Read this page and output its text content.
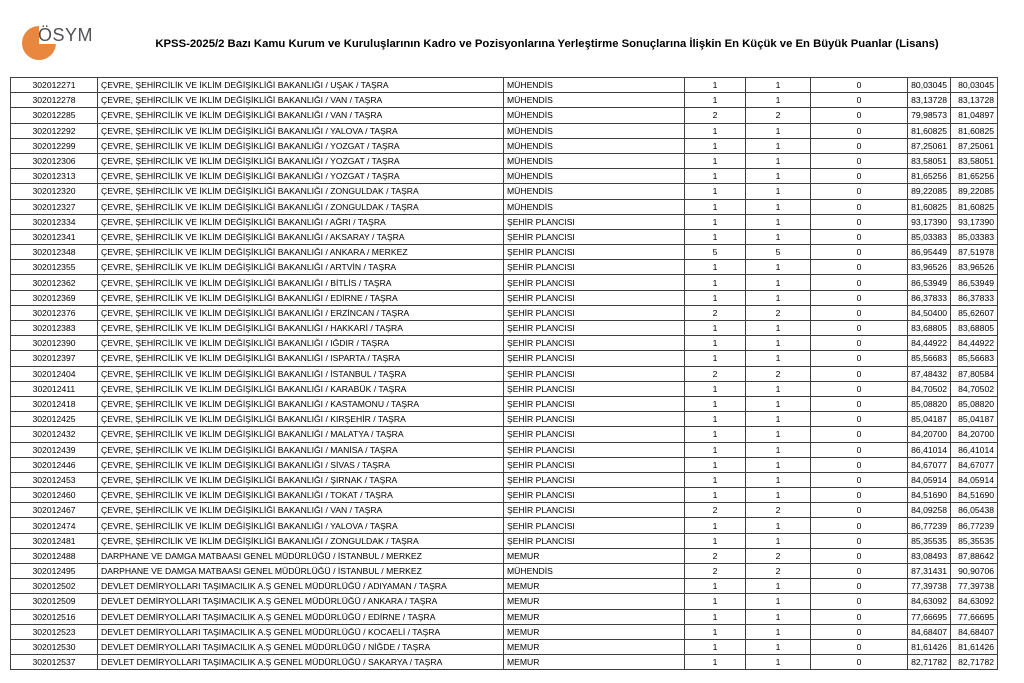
ÖSYM	KPSS-2025/2 Bazı Kamu Kurum ve Kuruluşlarının Kadro ve Pozisyonlarına Yerleştirme Sonuçlarına İlişkin En Küçük ve En Büyük Puanlar (Lisans)
302012271	ÇEVRE, ŞEHİRCİLİK VE İKLİM DEĞİŞİKLİĞİ BAKANLIĞI / UŞAK / TAŞRA	MÜHENDİS	1	1	0	80,03045	80,03045
302012278	ÇEVRE, ŞEHİRCİLİK VE İKLİM DEĞİŞİKLİĞİ BAKANLIĞI / VAN / TAŞRA	MÜHENDİS	1	1	0	83,13728	83,13728
302012285	ÇEVRE, ŞEHİRCİLİK VE İKLİM DEĞİŞİKLİĞİ BAKANLIĞI / VAN / TAŞRA	MÜHENDİS	2	2	0	79,98573	81,04897
302012292	ÇEVRE, ŞEHİRCİLİK VE İKLİM DEĞİŞİKLİĞİ BAKANLIĞI / YALOVA / TAŞRA	MÜHENDİS	1	1	0	81,60825	81,60825
302012299	ÇEVRE, ŞEHİRCİLİK VE İKLİM DEĞİŞİKLİĞİ BAKANLIĞI / YOZGAT / TAŞRA	MÜHENDİS	1	1	0	87,25061	87,25061
302012306	ÇEVRE, ŞEHİRCİLİK VE İKLİM DEĞİŞİKLİĞİ BAKANLIĞI / YOZGAT / TAŞRA	MÜHENDİS	1	1	0	83,58051	83,58051
302012313	ÇEVRE, ŞEHİRCİLİK VE İKLİM DEĞİŞİKLİĞİ BAKANLIĞI / YOZGAT / TAŞRA	MÜHENDİS	1	1	0	81,65256	81,65256
302012320	ÇEVRE, ŞEHİRCİLİK VE İKLİM DEĞİŞİKLİĞİ BAKANLIĞI / ZONGULDAK / TAŞRA	MÜHENDİS	1	1	0	89,22085	89,22085
302012327	ÇEVRE, ŞEHİRCİLİK VE İKLİM DEĞİŞİKLİĞİ BAKANLIĞI / ZONGULDAK / TAŞRA	MÜHENDİS	1	1	0	81,60825	81,60825
302012334	ÇEVRE, ŞEHİRCİLİK VE İKLİM DEĞİŞİKLİĞİ BAKANLIĞI / AĞRI / TAŞRA	ŞEHİR PLANCISI	1	1	0	93,17390	93,17390
302012341	ÇEVRE, ŞEHİRCİLİK VE İKLİM DEĞİŞİKLİĞİ BAKANLIĞI / AKSARAY / TAŞRA	ŞEHİR PLANCISI	1	1	0	85,03383	85,03383
302012348	ÇEVRE, ŞEHİRCİLİK VE İKLİM DEĞİŞİKLİĞİ BAKANLIĞI / ANKARA / MERKEZ	ŞEHİR PLANCISI	5	5	0	86,95449	87,51978
302012355	ÇEVRE, ŞEHİRCİLİK VE İKLİM DEĞİŞİKLİĞİ BAKANLIĞI / ARTVİN / TAŞRA	ŞEHİR PLANCISI	1	1	0	83,96526	83,96526
302012362	ÇEVRE, ŞEHİRCİLİK VE İKLİM DEĞİŞİKLİĞİ BAKANLIĞI / BİTLİS / TAŞRA	ŞEHİR PLANCISI	1	1	0	86,53949	86,53949
302012369	ÇEVRE, ŞEHİRCİLİK VE İKLİM DEĞİŞİKLİĞİ BAKANLIĞI / EDİRNE / TAŞRA	ŞEHİR PLANCISI	1	1	0	86,37833	86,37833
302012376	ÇEVRE, ŞEHİRCİLİK VE İKLİM DEĞİŞİKLİĞİ BAKANLIĞI / ERZİNCAN / TAŞRA	ŞEHİR PLANCISI	2	2	0	84,50400	85,62607
302012383	ÇEVRE, ŞEHİRCİLİK VE İKLİM DEĞİŞİKLİĞİ BAKANLIĞI / HAKKARİ / TAŞRA	ŞEHİR PLANCISI	1	1	0	83,68805	83,68805
302012390	ÇEVRE, ŞEHİRCİLİK VE İKLİM DEĞİŞİKLİĞİ BAKANLIĞI / IĞDIR / TAŞRA	ŞEHİR PLANCISI	1	1	0	84,44922	84,44922
302012397	ÇEVRE, ŞEHİRCİLİK VE İKLİM DEĞİŞİKLİĞİ BAKANLIĞI / ISPARTA / TAŞRA	ŞEHİR PLANCISI	1	1	0	85,56683	85,56683
302012404	ÇEVRE, ŞEHİRCİLİK VE İKLİM DEĞİŞİKLİĞİ BAKANLIĞI / İSTANBUL / TAŞRA	ŞEHİR PLANCISI	2	2	0	87,48432	87,80584
302012411	ÇEVRE, ŞEHİRCİLİK VE İKLİM DEĞİŞİKLİĞİ BAKANLIĞI / KARABÜK / TAŞRA	ŞEHİR PLANCISI	1	1	0	84,70502	84,70502
302012418	ÇEVRE, ŞEHİRCİLİK VE İKLİM DEĞİŞİKLİĞİ BAKANLIĞI / KASTAMONU / TAŞRA	ŞEHİR PLANCISI	1	1	0	85,08820	85,08820
302012425	ÇEVRE, ŞEHİRCİLİK VE İKLİM DEĞİŞİKLİĞİ BAKANLIĞI / KIRŞEHİR / TAŞRA	ŞEHİR PLANCISI	1	1	0	85,04187	85,04187
302012432	ÇEVRE, ŞEHİRCİLİK VE İKLİM DEĞİŞİKLİĞİ BAKANLIĞI / MALATYA / TAŞRA	ŞEHİR PLANCISI	1	1	0	84,20700	84,20700
302012439	ÇEVRE, ŞEHİRCİLİK VE İKLİM DEĞİŞİKLİĞİ BAKANLIĞI / MANİSA / TAŞRA	ŞEHİR PLANCISI	1	1	0	86,41014	86,41014
302012446	ÇEVRE, ŞEHİRCİLİK VE İKLİM DEĞİŞİKLİĞİ BAKANLIĞI / SİVAS / TAŞRA	ŞEHİR PLANCISI	1	1	0	84,67077	84,67077
302012453	ÇEVRE, ŞEHİRCİLİK VE İKLİM DEĞİŞİKLİĞİ BAKANLIĞI / ŞIRNAK / TAŞRA	ŞEHİR PLANCISI	1	1	0	84,05914	84,05914
302012460	ÇEVRE, ŞEHİRCİLİK VE İKLİM DEĞİŞİKLİĞİ BAKANLIĞI / TOKAT / TAŞRA	ŞEHİR PLANCISI	1	1	0	84,51690	84,51690
302012467	ÇEVRE, ŞEHİRCİLİK VE İKLİM DEĞİŞİKLİĞİ BAKANLIĞI / VAN / TAŞRA	ŞEHİR PLANCISI	2	2	0	84,09258	86,05438
302012474	ÇEVRE, ŞEHİRCİLİK VE İKLİM DEĞİŞİKLİĞİ BAKANLIĞI / YALOVA / TAŞRA	ŞEHİR PLANCISI	1	1	0	86,77239	86,77239
302012481	ÇEVRE, ŞEHİRCİLİK VE İKLİM DEĞİŞİKLİĞİ BAKANLIĞI / ZONGULDAK / TAŞRA	ŞEHİR PLANCISI	1	1	0	85,35535	85,35535
302012488	DARPHANE VE DAMGA MATBAASI GENEL MÜDÜRLÜĞÜ / İSTANBUL / MERKEZ	MEMUR	2	2	0	83,08493	87,88642
302012495	DARPHANE VE DAMGA MATBAASI GENEL MÜDÜRLÜĞÜ / İSTANBUL / MERKEZ	MÜHENDİS	2	2	0	87,31431	90,90706
302012502	DEVLET DEMİRYOLLARI TAŞIMACILIK A.Ş GENEL MÜDÜRLÜĞÜ / ADIYAMAN / TAŞRA	MEMUR	1	1	0	77,39738	77,39738
302012509	DEVLET DEMİRYOLLARI TAŞIMACILIK A.Ş GENEL MÜDÜRLÜĞÜ / ANKARA / TAŞRA	MEMUR	1	1	0	84,63092	84,63092
302012516	DEVLET DEMİRYOLLARI TAŞIMACILIK A.Ş GENEL MÜDÜRLÜĞÜ / EDİRNE / TAŞRA	MEMUR	1	1	0	77,66695	77,66695
302012523	DEVLET DEMİRYOLLARI TAŞIMACILIK A.Ş GENEL MÜDÜRLÜĞÜ / KOCAELİ / TAŞRA	MEMUR	1	1	0	84,68407	84,68407
302012530	DEVLET DEMİRYOLLARI TAŞIMACILIK A.Ş GENEL MÜDÜRLÜĞÜ / NİĞDE / TAŞRA	MEMUR	1	1	0	81,61426	81,61426
302012537	DEVLET DEMİRYOLLARI TAŞIMACILIK A.Ş GENEL MÜDÜRLÜĞÜ / SAKARYA / TAŞRA	MEMUR	1	1	0	82,71782	82,71782
